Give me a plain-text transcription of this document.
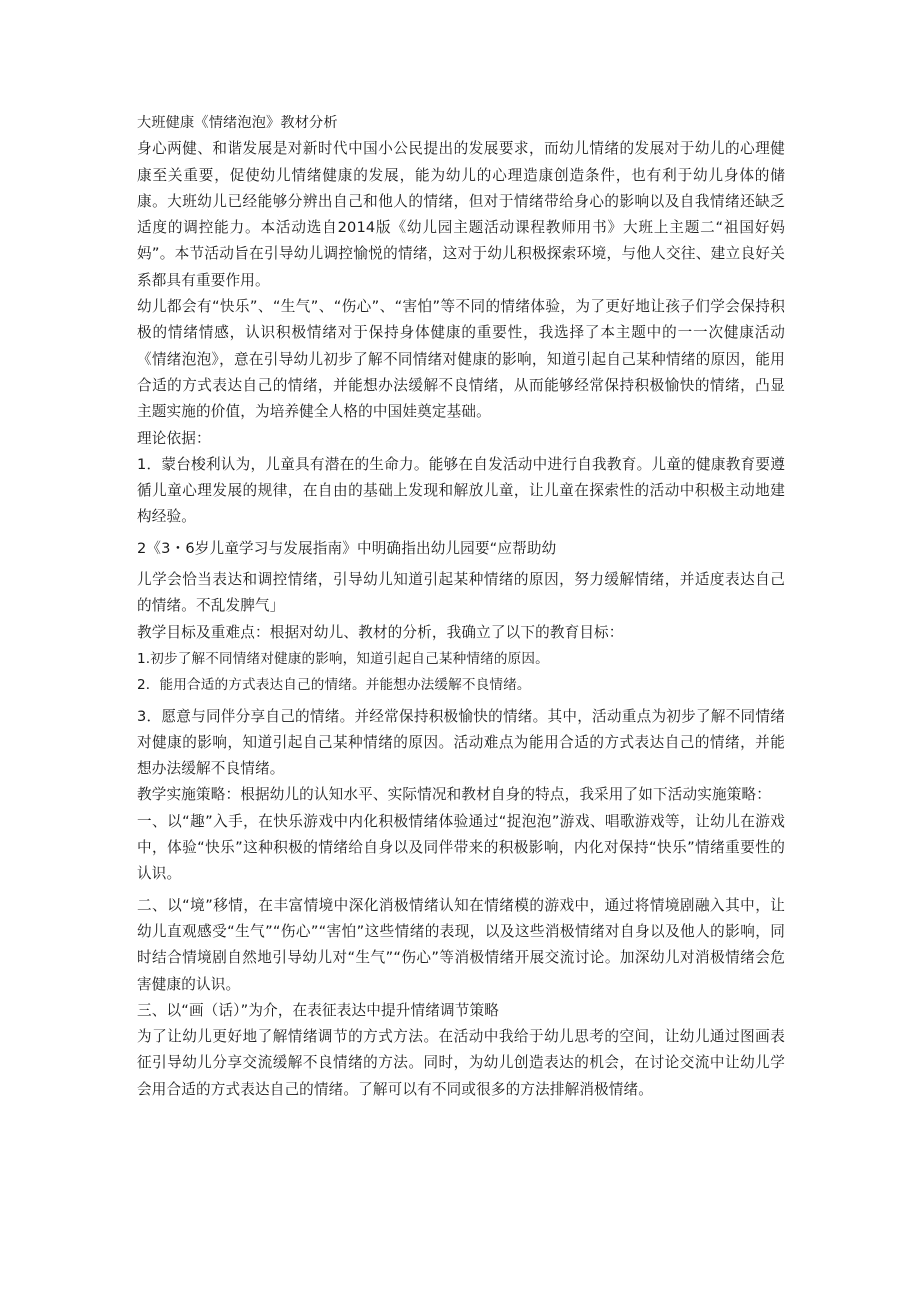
大班健康《情绪泡泡》教材分析

身心两健、和谐发展是对新时代中国小公民提出的发展要求，而幼儿情绪的发展对于幼儿的心理健康至关重要，促使幼儿情绪健康的发展，能为幼儿的心理造康创造条件，也有利于幼儿身体的储康。大班幼儿已经能够分辨出自己和他人的情绪，但对于情绪带给身心的影响以及自我情绪还缺乏适度的调控能力。本活动选自2014版《幼儿园主题活动课程教师用书》大班上主题二“祖国好妈妈”。本节活动旨在引导幼儿调控愉悦的情绪，这对于幼儿积极探索环境，与他人交往、建立良好关系都具有重要作用。

幼儿都会有“快乐”、“生气”、“伤心”、“害怕”等不同的情绪体验，为了更好地让孩子们学会保持积极的情绪情感，认识积极情绪对于保持身体健康的重要性，我选择了本主题中的一一次健康活动《情绪泡泡》，意在引导幼儿初步了解不同情绪对健康的影响，知道引起自己某种情绪的原因，能用合适的方式表达自己的情绪，并能想办法缓解不良情绪，从而能够经常保持积极愉快的情绪，凸显主题实施的价值，为培养健全人格的中国娃奠定基础。

理论依据：

1．蒙台梭利认为，儿童具有潜在的生命力。能够在自发活动中进行自我教育。儿童的健康教育要遵循儿童心理发展的规律，在自由的基础上发现和解放儿童，让儿童在探索性的活动中积极主动地建构经验。

2《3・6岁儿童学习与发展指南》中明确指出幼儿园要“应帮助幼

儿学会恰当表达和调控情绪，引导幼儿知道引起某种情绪的原因，努力缓解情绪，并适度表达自己的情绪。不乱发脾气」

教学目标及重难点：根据对幼儿、教材的分析，我确立了以下的教育目标：

1.初步了解不同情绪对健康的影响，知道引起自己某种情绪的原因。

2．能用合适的方式表达自己的情绪。并能想办法缓解不良情绪。

3．愿意与同伴分享自己的情绪。并经常保持积极愉快的情绪。其中，活动重点为初步了解不同情绪对健康的影响，知道引起自己某种情绪的原因。活动难点为能用合适的方式表达自己的情绪，并能想办法缓解不良情绪。

教学实施策略：根据幼儿的认知水平、实际情况和教材自身的特点，我采用了如下活动实施策略：

一、以“趣”入手，在快乐游戏中内化积极情绪体验通过“捉泡泡”游戏、唱歌游戏等，让幼儿在游戏中，体验“快乐”这种积极的情绪给自身以及同伴带来的积极影响，内化对保持“快乐”情绪重要性的认识。

二、以“境”移情，在丰富情境中深化消极情绪认知在情绪模的游戏中，通过将情境剧融入其中，让幼儿直观感受“生气”“伤心”“害怕”这些情绪的表现，以及这些消极情绪对自身以及他人的影响，同时结合情境剧自然地引导幼儿对“生气”“伤心”等消极情绪开展交流讨论。加深幼儿对消极情绪会危害健康的认识。

三、以“画（话）”为介，在表征表达中提升情绪调节策略

为了让幼儿更好地了解情绪调节的方式方法。在活动中我给于幼儿思考的空间，让幼儿通过图画表征引导幼儿分享交流缓解不良情绪的方法。同时，为幼儿创造表达的机会，在讨论交流中让幼儿学会用合适的方式表达自己的情绪。了解可以有不同或很多的方法排解消极情绪。
